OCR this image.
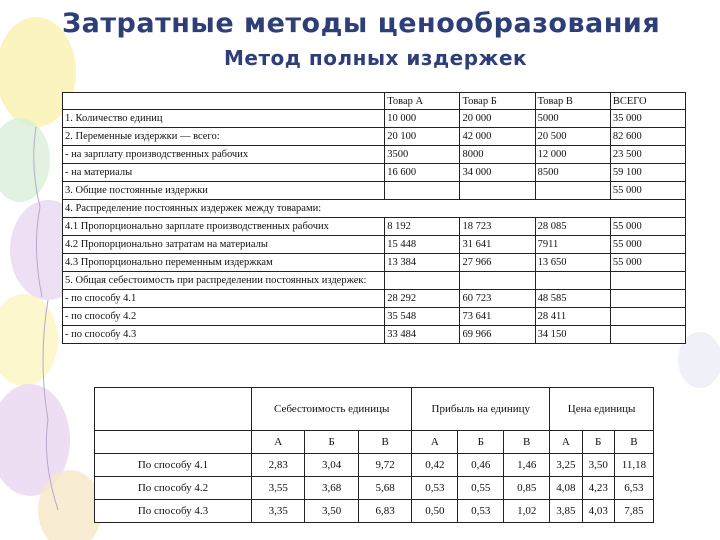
Затратные методы ценообразования
Метод полных издержек
	Товар А	Товар Б	Товар В	ВСЕГО
1. Количество единиц	10 000	20 000	5000	35 000
2. Переменные издержки — всего:	20 100	42 000	20 500	82 600
- на зарплату производственных рабочих	3500	8000	12 000	23 500
- на материалы	16 600	34 000	8500	59 100
3. Общие постоянные издержки				55 000
4. Распределение постоянных издержек между товарами:				
4.1 Пропорционально зарплате производственных рабочих	8 192	18 723	28 085	55 000
4.2 Пропорционально затратам на материалы	15 448	31 641	7911	55 000
4.3 Пропорционально переменным издержкам	13 384	27 966	13 650	55 000
5. Общая себестоимость при распределении постоянных издержек:				
- по способу 4.1	28 292	60 723	48 585	
- по способу 4.2	35 548	73 641	28 411	
- по способу 4.3	33 484	69 966	34 150	
	Себестоимость единицы			Прибыль на единицу			Цена единицы		
	А	Б	В	А	Б	В	А	Б	В
По способу 4.1	2,83	3,04	9,72	0,42	0,46	1,46	3,25	3,50	11,18
По способу 4.2	3,55	3,68	5,68	0,53	0,55	0,85	4,08	4,23	6,53
По способу 4.3	3,35	3,50	6,83	0,50	0,53	1,02	3,85	4,03	7,85
